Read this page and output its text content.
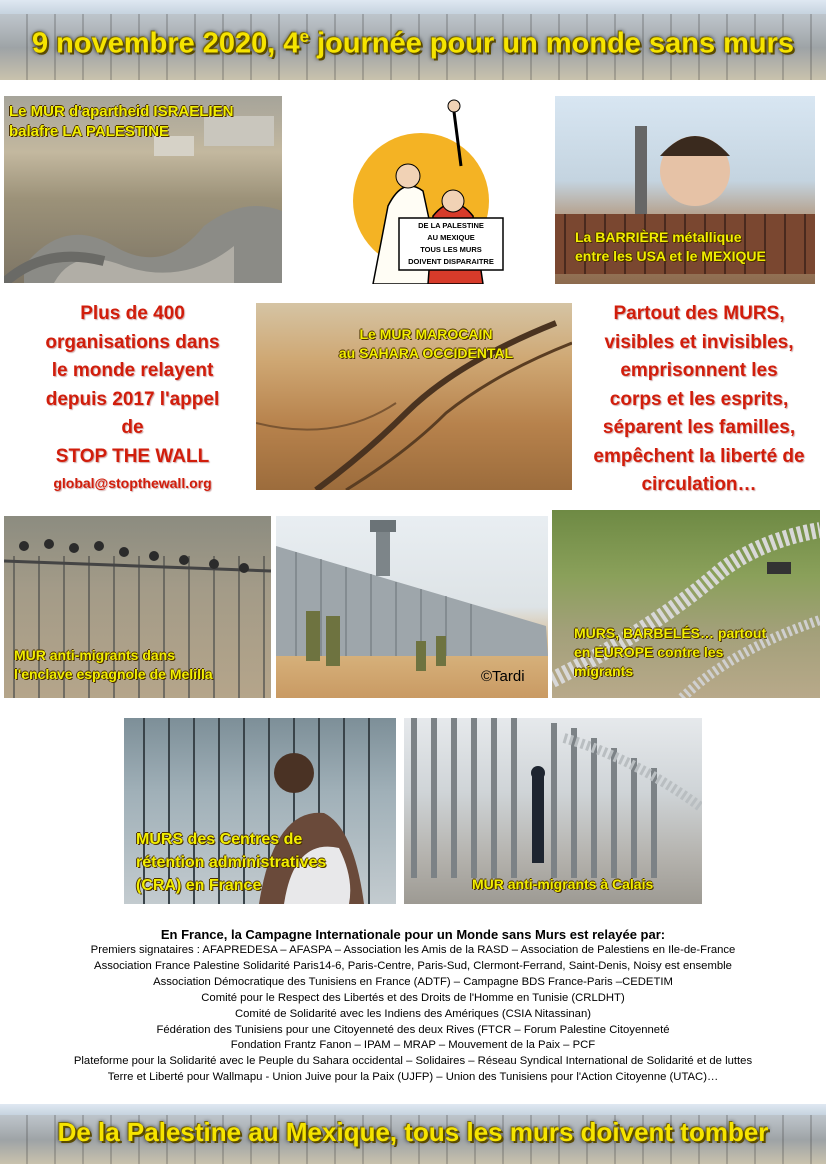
9 novembre 2020, 4e journée pour un monde sans murs
Le MUR d'apartheid ISRAELIEN balafre LA PALESTINE
DE LA PALESTINE
AU MEXIQUE
TOUS LES MURS
DOIVENT DISPARAITRE
La BARRIÈRE métallique
entre les USA et le MEXIQUE
Plus de 400
organisations dans
le monde relayent
depuis 2017 l'appel
de
STOP THE WALL
global@stopthewall.org
Le MUR MAROCAIN
au SAHARA OCCIDENTAL
Partout des MURS,
visibles et invisibles,
emprisonnent les
corps et les esprits,
séparent les familles,
empêchent la liberté de
circulation…
MUR anti-migrants dans
l'enclave espagnole de Melilla	©Tardi
MURS, BARBELÉS… partout
en EUROPE contre les
migrants
MURS des Centres de
rétention administratives
(CRA) en France	MUR anti-migrants à Calais
En France, la Campagne Internationale pour un Monde sans Murs est relayée par:
Premiers signataires : AFAPREDESA – AFASPA – Association les Amis de la RASD – Association de Palestiens en Ile-de-France
Association France Palestine Solidarité Paris14-6, Paris-Centre, Paris-Sud, Clermont-Ferrand, Saint-Denis, Noisy est ensemble
Association Démocratique des Tunisiens en France (ADTF) – Campagne BDS France-Paris –CEDETIM
Comité pour le Respect des Libertés et des Droits de l'Homme en Tunisie (CRLDHT)
Comité de Solidarité avec les Indiens des Amériques (CSIA Nitassinan)
Fédération des Tunisiens pour une Citoyenneté des deux Rives (FTCR – Forum Palestine Citoyenneté
Fondation Frantz Fanon – IPAM – MRAP – Mouvement de la Paix – PCF
Plateforme pour la Solidarité avec le Peuple du Sahara occidental – Solidaires – Réseau Syndical International de Solidarité et de luttes
Terre et Liberté pour Wallmapu - Union Juive pour la Paix (UJFP) – Union des Tunisiens pour l'Action Citoyenne (UTAC)…
De la Palestine au Mexique, tous les murs doivent tomber
